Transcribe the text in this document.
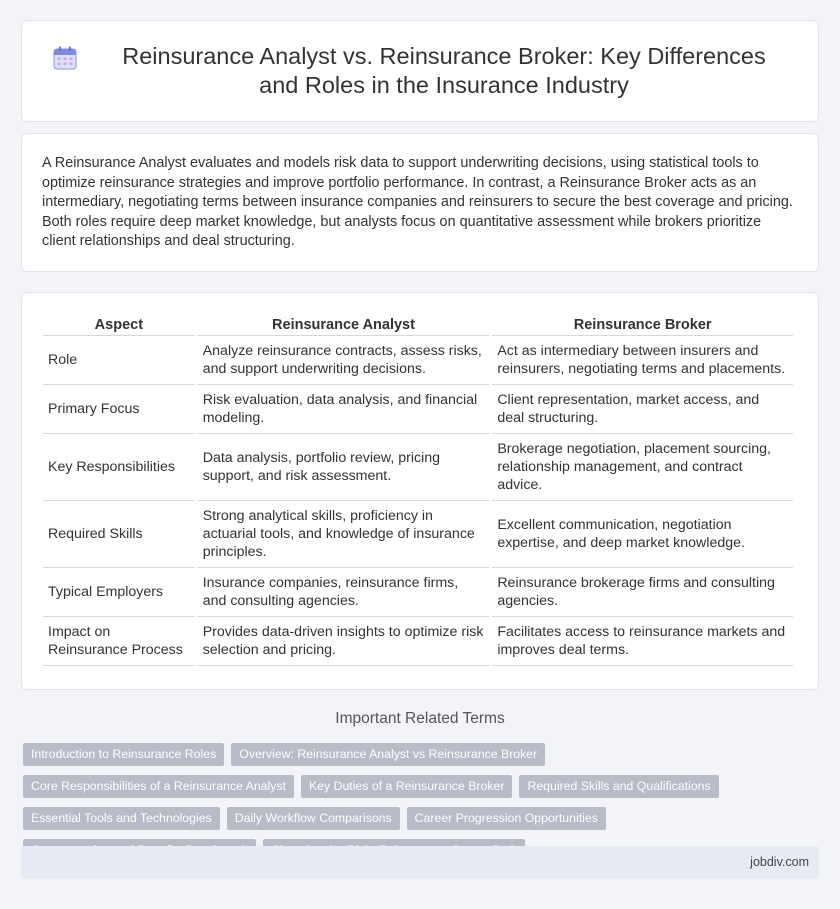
Reinsurance Analyst vs. Reinsurance Broker: Key Differences and Roles in the Insurance Industry

A Reinsurance Analyst evaluates and models risk data to support underwriting decisions, using statistical tools to optimize reinsurance strategies and improve portfolio performance. In contrast, a Reinsurance Broker acts as an intermediary, negotiating terms between insurance companies and reinsurers to secure the best coverage and pricing. Both roles require deep market knowledge, but analysts focus on quantitative assessment while brokers prioritize client relationships and deal structuring.

Aspect	Reinsurance Analyst	Reinsurance Broker
Role	Analyze reinsurance contracts, assess risks, and support underwriting decisions.	Act as intermediary between insurers and reinsurers, negotiating terms and placements.
Primary Focus	Risk evaluation, data analysis, and financial modeling.	Client representation, market access, and deal structuring.
Key Responsibilities	Data analysis, portfolio review, pricing support, and risk assessment.	Brokerage negotiation, placement sourcing, relationship management, and contract advice.
Required Skills	Strong analytical skills, proficiency in actuarial tools, and knowledge of insurance principles.	Excellent communication, negotiation expertise, and deep market knowledge.
Typical Employers	Insurance companies, reinsurance firms, and consulting agencies.	Reinsurance brokerage firms and consulting agencies.
Impact on Reinsurance Process	Provides data-driven insights to optimize risk selection and pricing.	Facilitates access to reinsurance markets and improves deal terms.
Important Related Terms
Introduction to Reinsurance Roles	Overview: Reinsurance Analyst vs Reinsurance Broker
Core Responsibilities of a Reinsurance Analyst	Key Duties of a Reinsurance Broker	Required Skills and Qualifications
Essential Tools and Technologies	Daily Workflow Comparisons	Career Progression Opportunities
jobdiv.com
